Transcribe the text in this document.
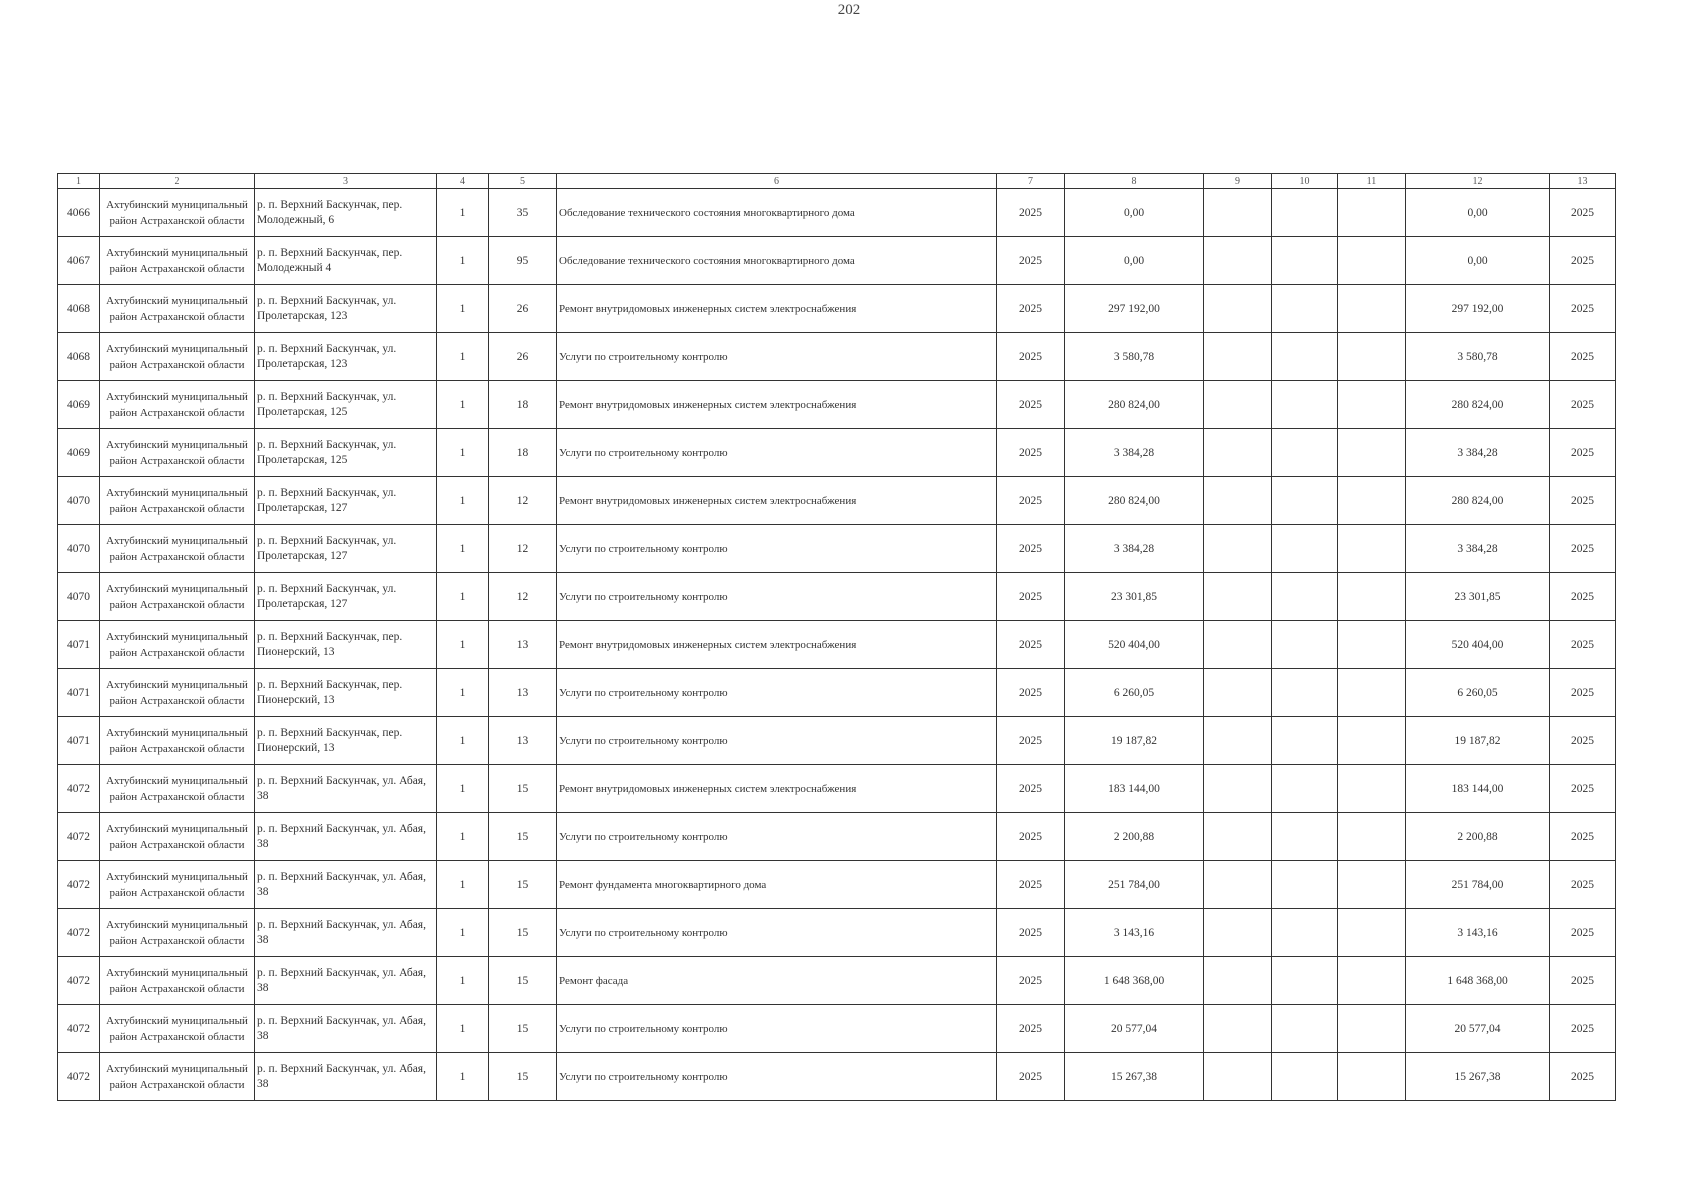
202
1	2	3	4	5	6	7	8	9	10	11	12	13
4066	Ахтубинский муниципальный район Астраханской области	р. п. Верхний Баскунчак, пер. Молодежный, 6	1	35	Обследование технического состояния многоквартирного дома	2025	0,00				0,00	2025
4067	Ахтубинский муниципальный район Астраханской области	р. п. Верхний Баскунчак, пер. Молодежный 4	1	95	Обследование технического состояния многоквартирного дома	2025	0,00				0,00	2025
4068	Ахтубинский муниципальный район Астраханской области	р. п. Верхний Баскунчак, ул. Пролетарская, 123	1	26	Ремонт внутридомовых инженерных систем электроснабжения	2025	297 192,00				297 192,00	2025
4068	Ахтубинский муниципальный район Астраханской области	р. п. Верхний Баскунчак, ул. Пролетарская, 123	1	26	Услуги по строительному контролю	2025	3 580,78				3 580,78	2025
4069	Ахтубинский муниципальный район Астраханской области	р. п. Верхний Баскунчак, ул. Пролетарская, 125	1	18	Ремонт внутридомовых инженерных систем электроснабжения	2025	280 824,00				280 824,00	2025
4069	Ахтубинский муниципальный район Астраханской области	р. п. Верхний Баскунчак, ул. Пролетарская, 125	1	18	Услуги по строительному контролю	2025	3 384,28				3 384,28	2025
4070	Ахтубинский муниципальный район Астраханской области	р. п. Верхний Баскунчак, ул. Пролетарская, 127	1	12	Ремонт внутридомовых инженерных систем электроснабжения	2025	280 824,00				280 824,00	2025
4070	Ахтубинский муниципальный район Астраханской области	р. п. Верхний Баскунчак, ул. Пролетарская, 127	1	12	Услуги по строительному контролю	2025	3 384,28				3 384,28	2025
4070	Ахтубинский муниципальный район Астраханской области	р. п. Верхний Баскунчак, ул. Пролетарская, 127	1	12	Услуги по строительному контролю	2025	23 301,85				23 301,85	2025
4071	Ахтубинский муниципальный район Астраханской области	р. п. Верхний Баскунчак, пер. Пионерский, 13	1	13	Ремонт внутридомовых инженерных систем электроснабжения	2025	520 404,00				520 404,00	2025
4071	Ахтубинский муниципальный район Астраханской области	р. п. Верхний Баскунчак, пер. Пионерский, 13	1	13	Услуги по строительному контролю	2025	6 260,05				6 260,05	2025
4071	Ахтубинский муниципальный район Астраханской области	р. п. Верхний Баскунчак, пер. Пионерский, 13	1	13	Услуги по строительному контролю	2025	19 187,82				19 187,82	2025
4072	Ахтубинский муниципальный район Астраханской области	р. п. Верхний Баскунчак, ул. Абая, 38	1	15	Ремонт внутридомовых инженерных систем электроснабжения	2025	183 144,00				183 144,00	2025
4072	Ахтубинский муниципальный район Астраханской области	р. п. Верхний Баскунчак, ул. Абая, 38	1	15	Услуги по строительному контролю	2025	2 200,88				2 200,88	2025
4072	Ахтубинский муниципальный район Астраханской области	р. п. Верхний Баскунчак, ул. Абая, 38	1	15	Ремонт фундамента многоквартирного дома	2025	251 784,00				251 784,00	2025
4072	Ахтубинский муниципальный район Астраханской области	р. п. Верхний Баскунчак, ул. Абая, 38	1	15	Услуги по строительному контролю	2025	3 143,16				3 143,16	2025
4072	Ахтубинский муниципальный район Астраханской области	р. п. Верхний Баскунчак, ул. Абая, 38	1	15	Ремонт фасада	2025	1 648 368,00				1 648 368,00	2025
4072	Ахтубинский муниципальный район Астраханской области	р. п. Верхний Баскунчак, ул. Абая, 38	1	15	Услуги по строительному контролю	2025	20 577,04				20 577,04	2025
4072	Ахтубинский муниципальный район Астраханской области	р. п. Верхний Баскунчак, ул. Абая, 38	1	15	Услуги по строительному контролю	2025	15 267,38				15 267,38	2025
